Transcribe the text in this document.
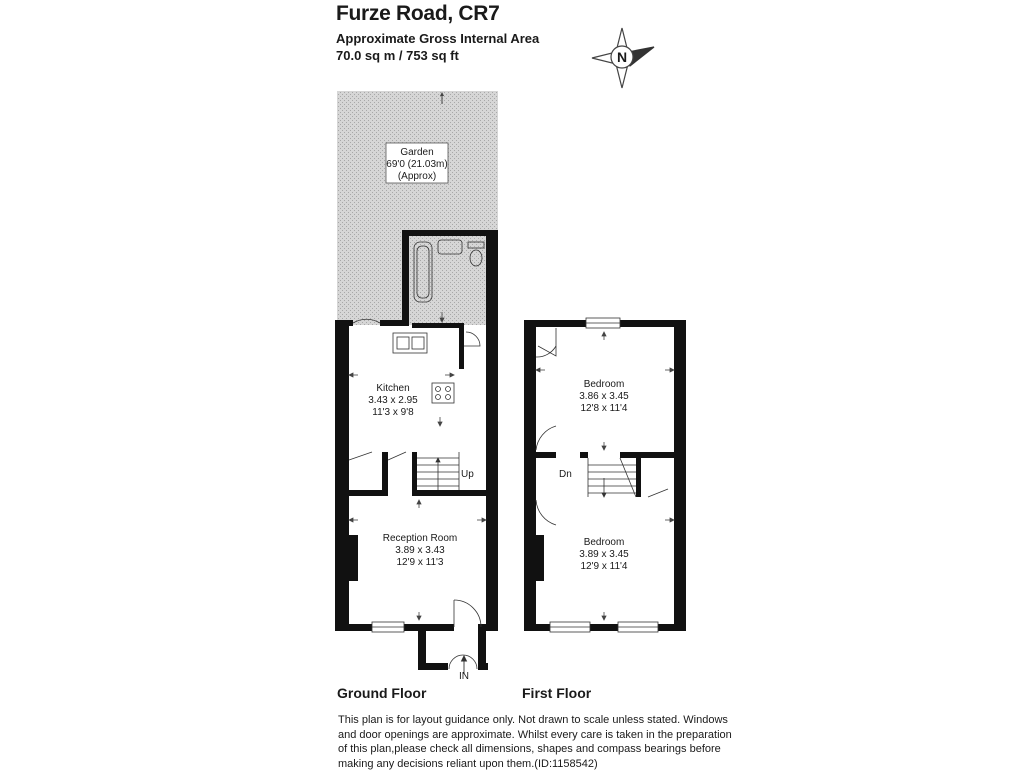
Furze Road, CR7
Approximate Gross Internal Area
70.0 sq m / 753 sq ft	N
Garden
69'0 (21.03m)
(Approx)
Kitchen
3.43 x 2.95
11'3 x 9'8
Reception Room
3.89 x 3.43
12'9 x 11'3
Bedroom
3.86 x 3.45
12'8 x 11'4
Bedroom
3.89 x 3.45
12'9 x 11'4
Up	Dn
IN
Ground Floor	First Floor
This plan is for layout guidance only. Not drawn to scale unless stated. Windows
and door openings are approximate. Whilst every care is taken in the preparation
of this plan,please check all dimensions, shapes and compass bearings before
making any decisions reliant upon them.(ID:1158542)
